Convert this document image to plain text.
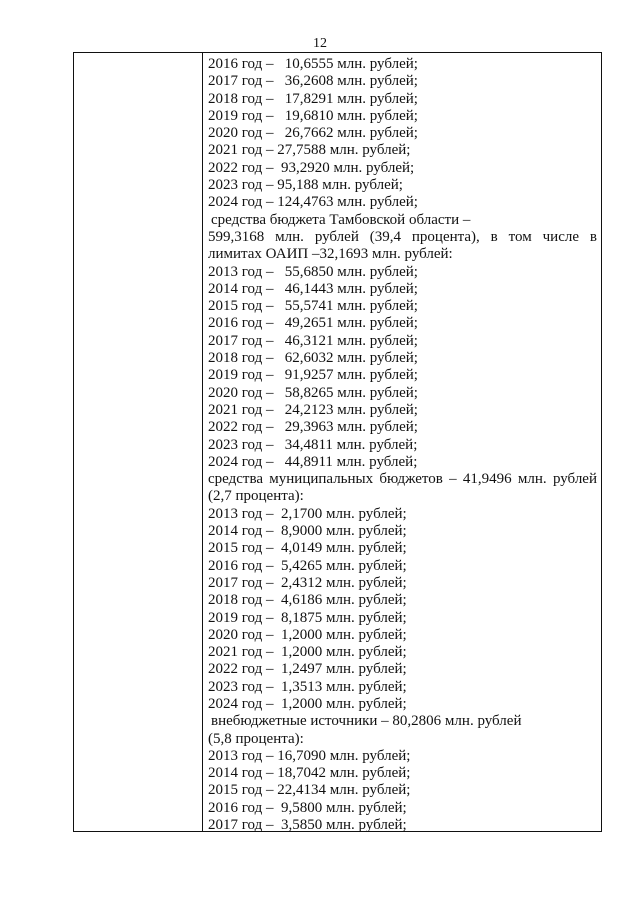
12
2016 год –   10,6555 млн. рублей;
2017 год –   36,2608 млн. рублей;
2018 год –   17,8291 млн. рублей;
2019 год –   19,6810 млн. рублей;
2020 год –   26,7662 млн. рублей;
2021 год – 27,7588 млн. рублей;
2022 год –  93,2920 млн. рублей;
2023 год – 95,188 млн. рублей;
2024 год – 124,4763 млн. рублей;
средства бюджета Тамбовской области –
599,3168 млн. рублей (39,4 процента), в том числе в
лимитах ОАИП –32,1693 млн. рублей:
2013 год –   55,6850 млн. рублей;
2014 год –   46,1443 млн. рублей;
2015 год –   55,5741 млн. рублей;
2016 год –   49,2651 млн. рублей;
2017 год –   46,3121 млн. рублей;
2018 год –   62,6032 млн. рублей;
2019 год –   91,9257 млн. рублей;
2020 год –   58,8265 млн. рублей;
2021 год –   24,2123 млн. рублей;
2022 год –   29,3963 млн. рублей;
2023 год –   34,4811 млн. рублей;
2024 год –   44,8911 млн. рублей;
средства муниципальных бюджетов – 41,9496 млн. рублей
(2,7 процента):
2013 год –  2,1700 млн. рублей;
2014 год –  8,9000 млн. рублей;
2015 год –  4,0149 млн. рублей;
2016 год –  5,4265 млн. рублей;
2017 год –  2,4312 млн. рублей;
2018 год –  4,6186 млн. рублей;
2019 год –  8,1875 млн. рублей;
2020 год –  1,2000 млн. рублей;
2021 год –  1,2000 млн. рублей;
2022 год –  1,2497 млн. рублей;
2023 год –  1,3513 млн. рублей;
2024 год –  1,2000 млн. рублей;
внебюджетные источники – 80,2806 млн. рублей
(5,8 процента):
2013 год – 16,7090 млн. рублей;
2014 год – 18,7042 млн. рублей;
2015 год – 22,4134 млн. рублей;
2016 год –  9,5800 млн. рублей;
2017 год –  3,5850 млн. рублей;
